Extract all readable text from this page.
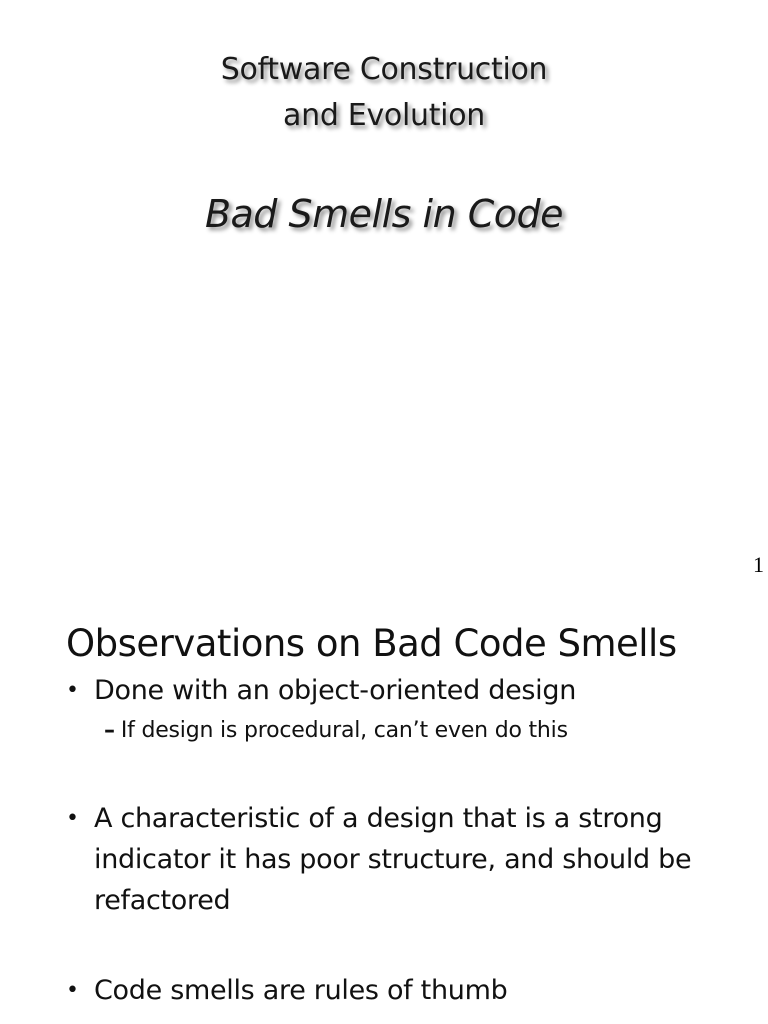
Software Construction
and Evolution
Bad Smells in Code
1
Observations on Bad Code Smells
• Done with an object-oriented design
– If design is procedural, can’t even do this
• A characteristic of a design that is a strong indicator it has poor structure, and should be refactored
• Code smells are rules of thumb
